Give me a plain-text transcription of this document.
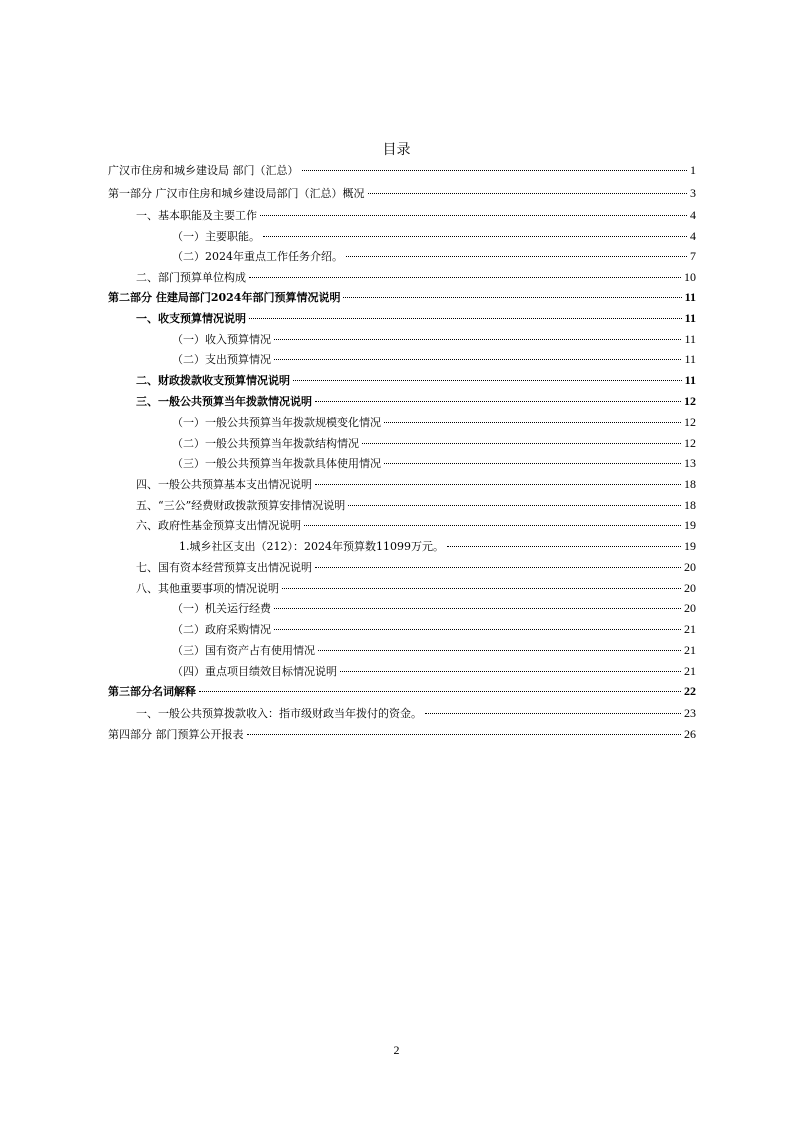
目录
广汉市住房和城乡建设局 部门（汇总）	1
第一部分 广汉市住房和城乡建设局部门（汇总）概况	3
一、基本职能及主要工作	4
（一）主要职能。	4
（二）2024年重点工作任务介绍。	7
二、部门预算单位构成	10
第二部分 住建局部门2024年部门预算情况说明	11
一、收支预算情况说明	11
（一）收入预算情况	11
（二）支出预算情况	11
二、财政拨款收支预算情况说明	11
三、一般公共预算当年拨款情况说明	12
（一）一般公共预算当年拨款规模变化情况	12
（二）一般公共预算当年拨款结构情况	12
（三）一般公共预算当年拨款具体使用情况	13
四、一般公共预算基本支出情况说明	18
五、“三公”经费财政拨款预算安排情况说明	18
六、政府性基金预算支出情况说明	19
1.城乡社区支出（212）：2024年预算数11099万元。	19
七、国有资本经营预算支出情况说明	20
八、其他重要事项的情况说明	20
（一）机关运行经费	20
（二）政府采购情况	21
（三）国有资产占有使用情况	21
（四）重点项目绩效目标情况说明	21
第三部分名词解释	22
一、一般公共预算拨款收入：指市级财政当年拨付的资金。	23
第四部分 部门预算公开报表	26
2
